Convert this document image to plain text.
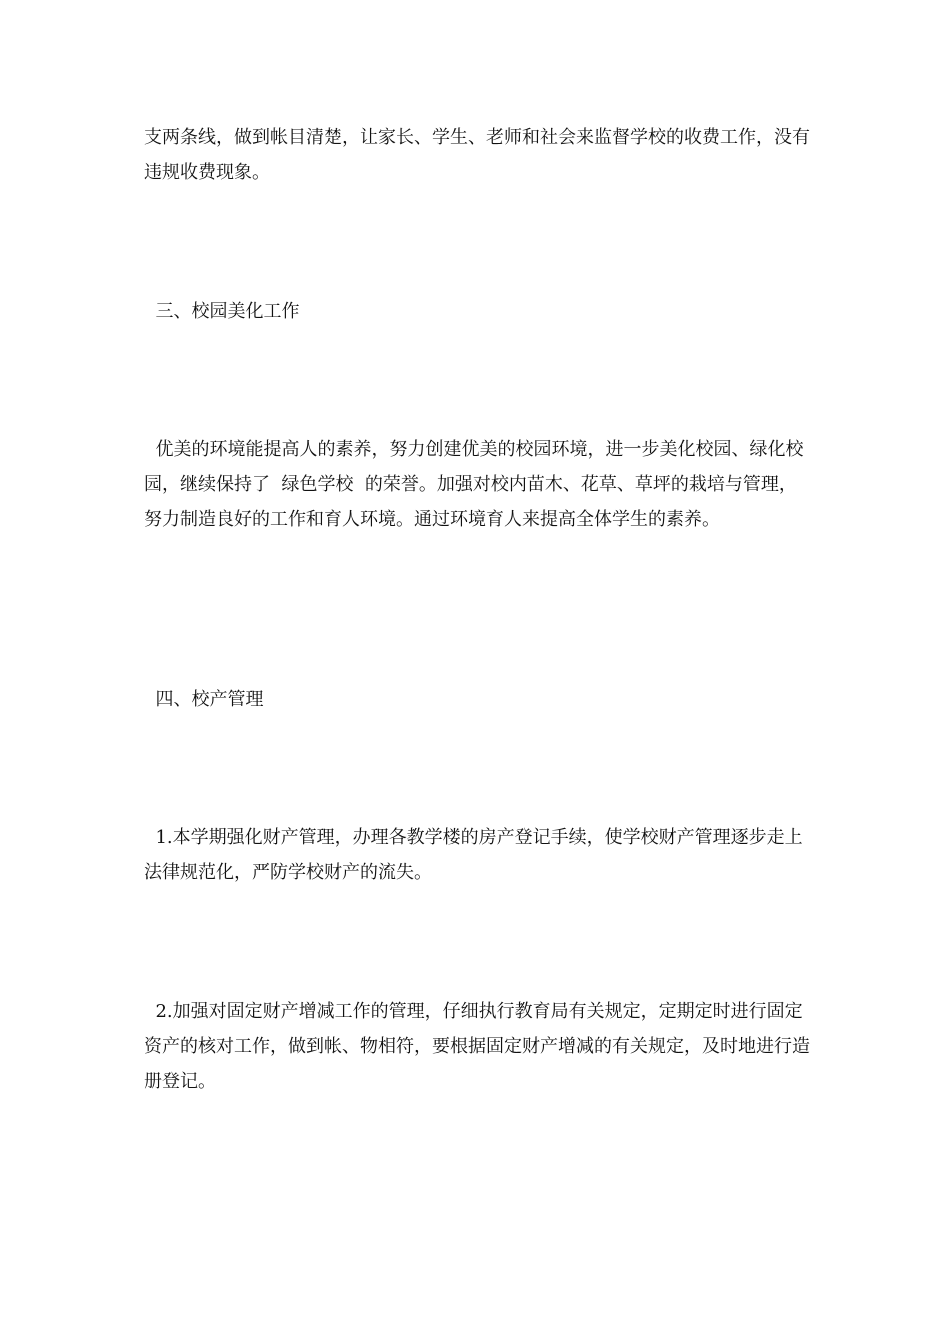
支两条线，做到帐目清楚，让家长、学生、老师和社会来监督学校的收费工作，没有违规收费现象。

三、校园美化工作

优美的环境能提高人的素养，努力创建优美的校园环境，进一步美化校园、绿化校园，继续保持了  绿色学校  的荣誉。加强对校内苗木、花草、草坪的栽培与管理，努力制造良好的工作和育人环境。通过环境育人来提高全体学生的素养。

四、校产管理

1.本学期强化财产管理，办理各教学楼的房产登记手续，使学校财产管理逐步走上法律规范化，严防学校财产的流失。

2.加强对固定财产增减工作的管理，仔细执行教育局有关规定，定期定时进行固定资产的核对工作，做到帐、物相符，要根据固定财产增减的有关规定，及时地进行造册登记。
